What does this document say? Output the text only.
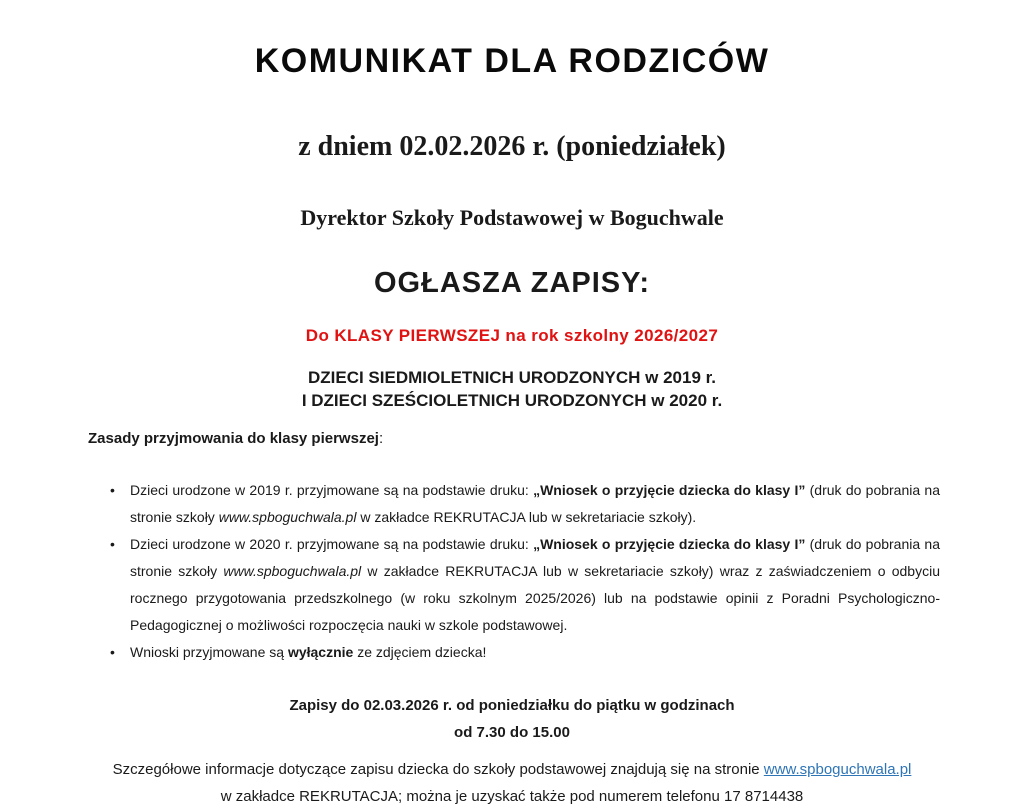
KOMUNIKAT DLA RODZICÓW
z dniem 02.02.2026 r. (poniedziałek)
Dyrektor Szkoły Podstawowej w Boguchwale
OGŁASZA ZAPISY:
Do KLASY PIERWSZEJ na rok szkolny 2026/2027
DZIECI SIEDMIOLETNICH URODZONYCH w 2019 r.
I DZIECI SZEŚCIOLETNICH URODZONYCH w 2020 r.
Zasady przyjmowania do klasy pierwszej:
• Dzieci urodzone w 2019 r. przyjmowane są na podstawie druku: „Wniosek o przyjęcie dziecka do klasy I” (druk do pobrania na stronie szkoły www.spboguchwala.pl w zakładce REKRUTACJA lub w sekretariacie szkoły).
• Dzieci urodzone w 2020 r. przyjmowane są na podstawie druku: „Wniosek o przyjęcie dziecka do klasy I” (druk do pobrania na stronie szkoły www.spboguchwala.pl w zakładce REKRUTACJA lub w sekretariacie szkoły) wraz z zaświadczeniem o odbyciu rocznego przygotowania przedszkolnego (w roku szkolnym 2025/2026) lub na podstawie opinii z Poradni Psychologiczno-Pedagogicznej o możliwości rozpoczęcia nauki w szkole podstawowej.
• Wnioski przyjmowane są wyłącznie ze zdjęciem dziecka!
Zapisy do 02.03.2026 r. od poniedziałku do piątku w godzinach
od 7.30 do 15.00
Szczegółowe informacje dotyczące zapisu dziecka do szkoły podstawowej znajdują się na stronie www.spboguchwala.pl
w zakładce REKRUTACJA; można je uzyskać także pod numerem telefonu 17 8714438
